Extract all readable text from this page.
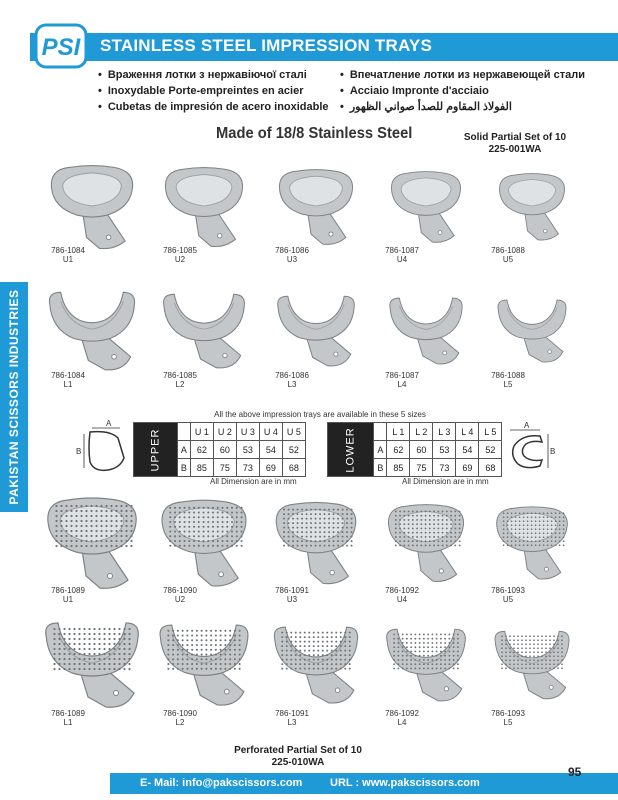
PSI STAINLESS STEEL IMPRESSION TRAYS
• Враження лотки з нержавіючої сталі
• Inoxydable Porte-empreintes en acier
• Cubetas de impresión de acero inoxidable
• Впечатление лотки из нержавеющей стали
• Acciaio Impronte d'acciaio
• الفولاذ المقاوم للصدأ صواني الظهور
PAKISTAN SCISSORS INDUSTRIES
Made of 18/8 Stainless Steel	Solid Partial Set of 10
225-001WA
786-1084
U1
786-1085
U2
786-1086
U3
786-1087
U4
786-1088
U5
786-1084
L1
786-1085
L2
786-1086
L3
786-1087
L4
786-1088
L5
786-1089
U1
786-1090
U2
786-1091
U3
786-1092
U4
786-1093
U5
786-1089
L1
786-1090
L2
786-1091
L3
786-1092
L4
786-1093
L5
All the above impression trays are available in these 5 sizes
A
B	UPPER		U 1	U 2	U 3	U 4	U 5
	A	62	60	53	54	52
	B	85	75	73	69	68
All Dimension are in mm
LOWER		L 1	L 2	L 3	L 4	L 5
	A	62	60	53	54	52
	B	85	75	73	69	68
All Dimension are in mm
A
B
Perforated Partial Set of 10
225-010WA
E- Mail: info@pakscissors.com	URL : www.pakscissors.com
95
